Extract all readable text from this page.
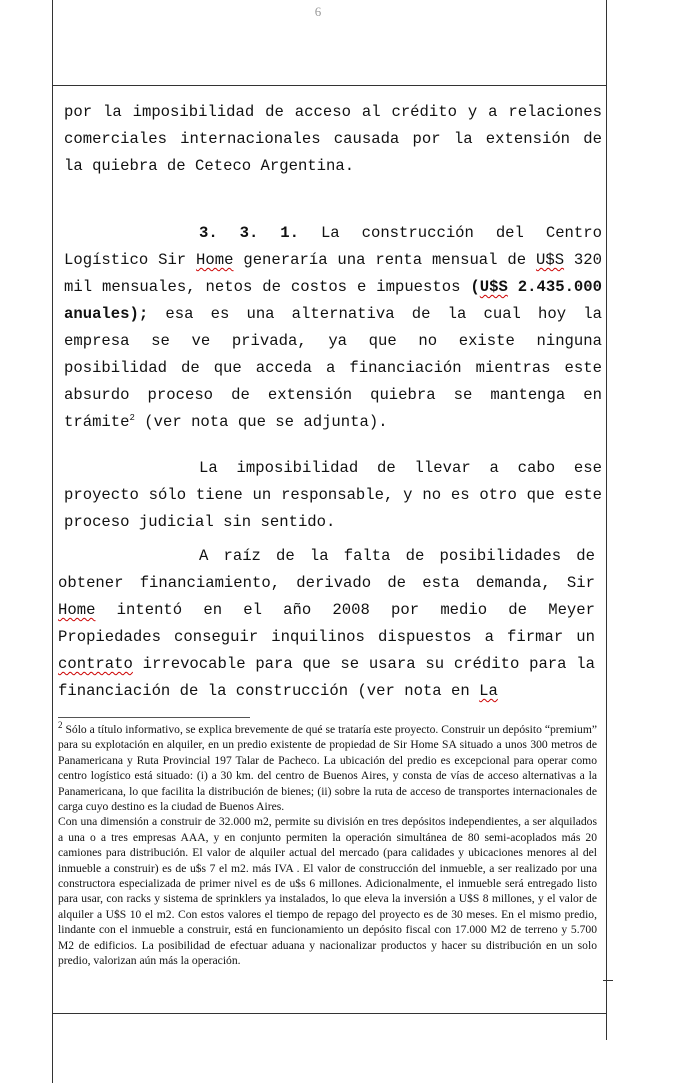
6

por la imposibilidad de acceso al crédito y a relaciones comerciales internacionales causada por la extensión de la quiebra de Ceteco Argentina.

3. 3. 1. La construcción del Centro Logístico Sir Home generaría una renta mensual de U$S 320 mil mensuales, netos de costos e impuestos (U$S 2.435.000 anuales); esa es una alternativa de la cual hoy la empresa se ve privada, ya que no existe ninguna posibilidad de que acceda a financiación mientras este absurdo proceso de extensión quiebra se mantenga en trámite$^2$ (ver nota que se adjunta).

La imposibilidad de llevar a cabo ese proyecto sólo tiene un responsable, y no es otro que este proceso judicial sin sentido.

A raíz de la falta de posibilidades de obtener financiamiento, derivado de esta demanda, Sir Home intentó en el año 2008 por medio de Meyer Propiedades conseguir inquilinos dispuestos a firmar un contrato irrevocable para que se usara su crédito para la financiación de la construcción (ver nota en La

$^2$ Sólo a título informativo, se explica brevemente de qué se trataría este proyecto. Construir un depósito “premium” para su explotación en alquiler, en un predio existente de propiedad de Sir Home SA situado a unos 300 metros de Panamericana y Ruta Provincial 197 Talar de Pacheco. La ubicación del predio es excepcional para operar como centro logístico está situado: (i) a 30 km. del centro de Buenos Aires, y consta de vías de acceso alternativas a la Panamericana, lo que facilita la distribución de bienes; (ii) sobre la ruta de acceso de transportes internacionales de carga cuyo destino es la ciudad de Buenos Aires.

Con una dimensión a construir de 32.000 m2, permite su división en tres depósitos independientes, a ser alquilados a una o a tres empresas AAA, y en conjunto permiten la operación simultánea de 80 semi-acoplados más 20 camiones para distribución. El valor de alquiler actual del mercado (para calidades y ubicaciones menores al del inmueble a construir) es de u$s 7 el m2. más IVA . El valor de construcción del inmueble, a ser realizado por una constructora especializada de primer nivel es de u$s 6 millones. Adicionalmente, el inmueble será entregado listo para usar, con racks y sistema de sprinklers ya instalados, lo que eleva la inversión a U$S 8 millones, y el valor de alquiler a U$S 10 el m2. Con estos valores el tiempo de repago del proyecto es de 30 meses. En el mismo predio, lindante con el inmueble a construir, está en funcionamiento un depósito fiscal con 17.000 M2 de terreno y 5.700 M2 de edificios. La posibilidad de efectuar aduana y nacionalizar productos y hacer su distribución en un solo predio, valorizan aún más la operación.
